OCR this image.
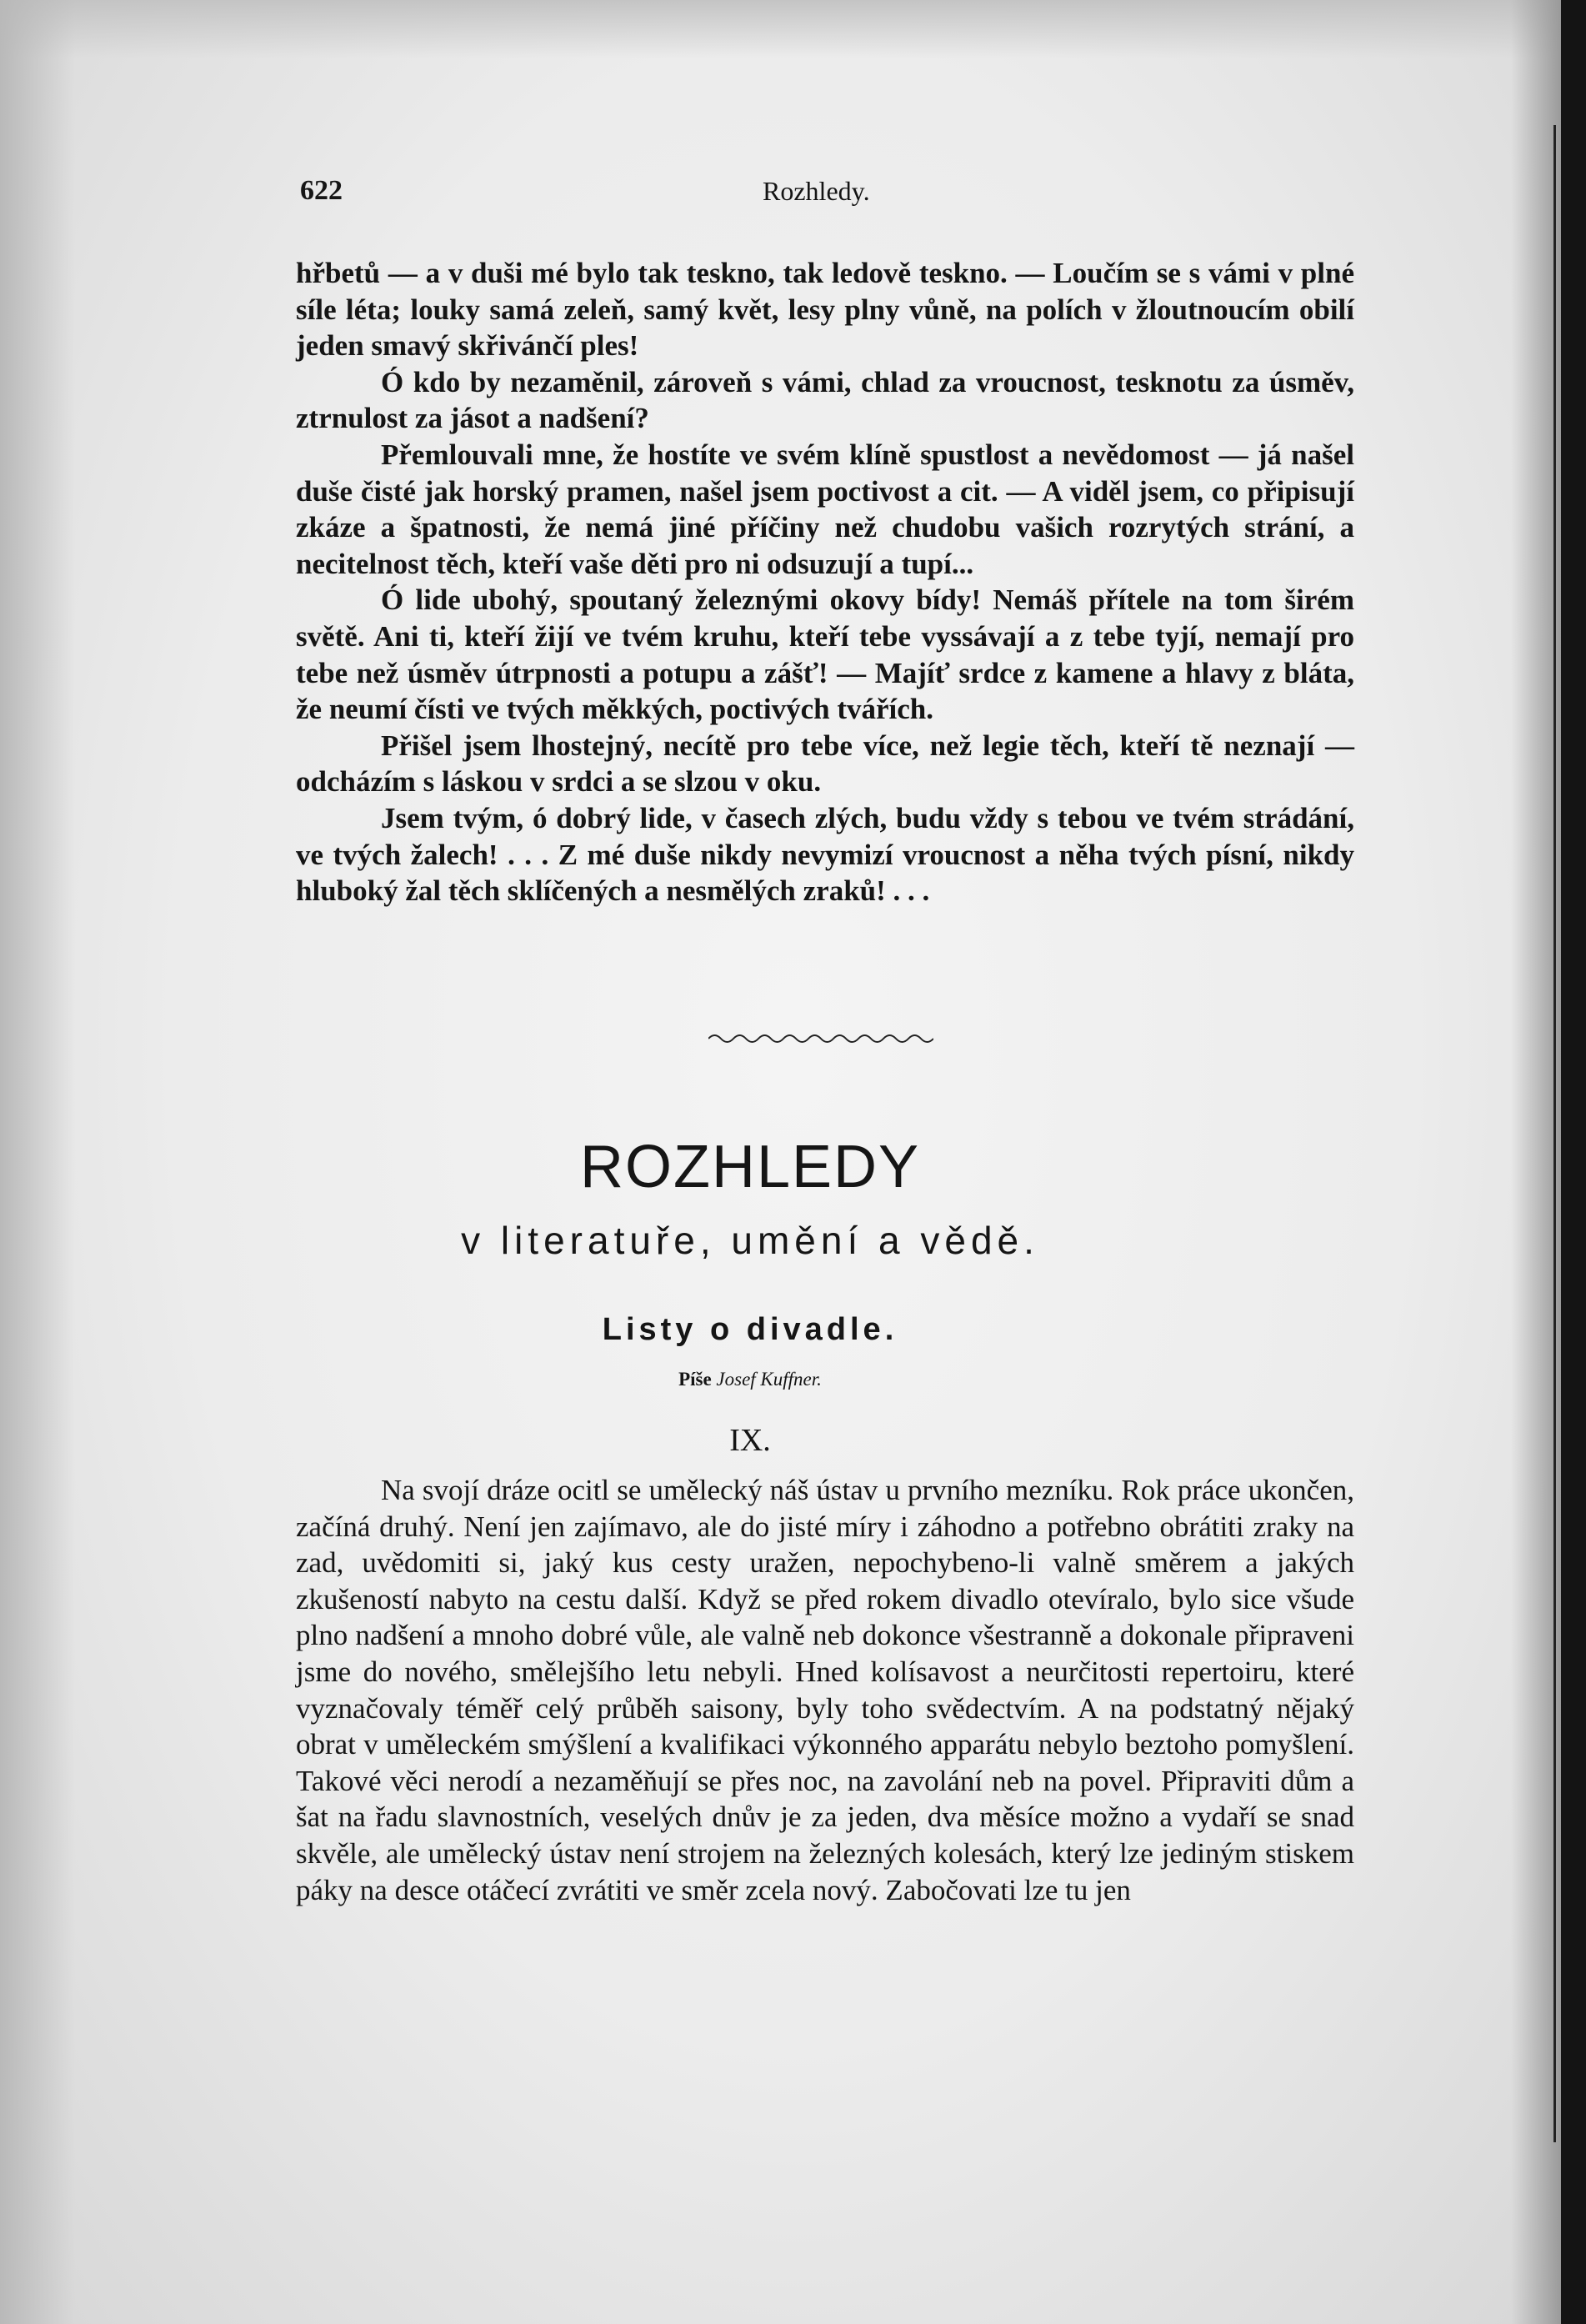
622	Rozhledy.

hřbetů — a v duši mé bylo tak teskno, tak ledově teskno. — Loučím se s vámi v plné síle léta; louky samá zeleň, samý květ, lesy plny vůně, na polích v žloutnoucím obilí jeden smavý skřivánčí ples!

Ó kdo by nezaměnil, zároveň s vámi, chlad za vroucnost, tesknotu za úsměv, ztrnulost za jásot a nadšení?

Přemlouvali mne, že hostíte ve svém klíně spustlost a nevědomost — já našel duše čisté jak horský pramen, našel jsem poctivost a cit. — A viděl jsem, co připisují zkáze a špatnosti, že nemá jiné příčiny než chudobu vašich rozrytých strání, a necitelnost těch, kteří vaše děti pro ni odsuzují a tupí...

Ó lide ubohý, spoutaný železnými okovy bídy! Nemáš přítele na tom širém světě. Ani ti, kteří žijí ve tvém kruhu, kteří tebe vyssávají a z tebe tyjí, nemají pro tebe než úsměv útrpnosti a potupu a zášť! — Majíť srdce z kamene a hlavy z bláta, že neumí čísti ve tvých měkkých, poctivých tvářích.

Přišel jsem lhostejný, necítě pro tebe více, než legie těch, kteří tě neznají — odcházím s láskou v srdci a se slzou v oku.

Jsem tvým, ó dobrý lide, v časech zlých, budu vždy s tebou ve tvém strádání, ve tvých žalech! . . . Z mé duše nikdy nevymizí vroucnost a něha tvých písní, nikdy hluboký žal těch sklíčených a nesmělých zraků! . . .

ROZHLEDY
v literatuře, umění a vědě.
Listy o divadle.
Píše Josef Kuffner.
IX.

Na svojí dráze ocitl se umělecký náš ústav u prvního mezníku. Rok práce ukončen, začíná druhý. Není jen zajímavo, ale do jisté míry i záhodno a potřebno obrátiti zraky na zad, uvědomiti si, jaký kus cesty uražen, nepochybeno-li valně směrem a jakých zkušeností nabyto na cestu další. Když se před rokem divadlo otevíralo, bylo sice všude plno nadšení a mnoho dobré vůle, ale valně neb dokonce všestranně a dokonale připraveni jsme do nového, smělejšího letu nebyli. Hned kolísavost a neurčitosti repertoiru, které vyznačovaly téměř celý průběh saisony, byly toho svědectvím. A na podstatný nějaký obrat v uměleckém smýšlení a kvalifikaci výkonného apparátu nebylo beztoho pomyšlení. Takové věci nerodí a nezaměňují se přes noc, na zavolání neb na povel. Připraviti dům a šat na řadu slavnostních, veselých dnův je za jeden, dva měsíce možno a vydaří se snad skvěle, ale umělecký ústav není strojem na železných kolesách, který lze jediným stiskem páky na desce otáčecí zvrátiti ve směr zcela nový. Zabočovati lze tu jen
